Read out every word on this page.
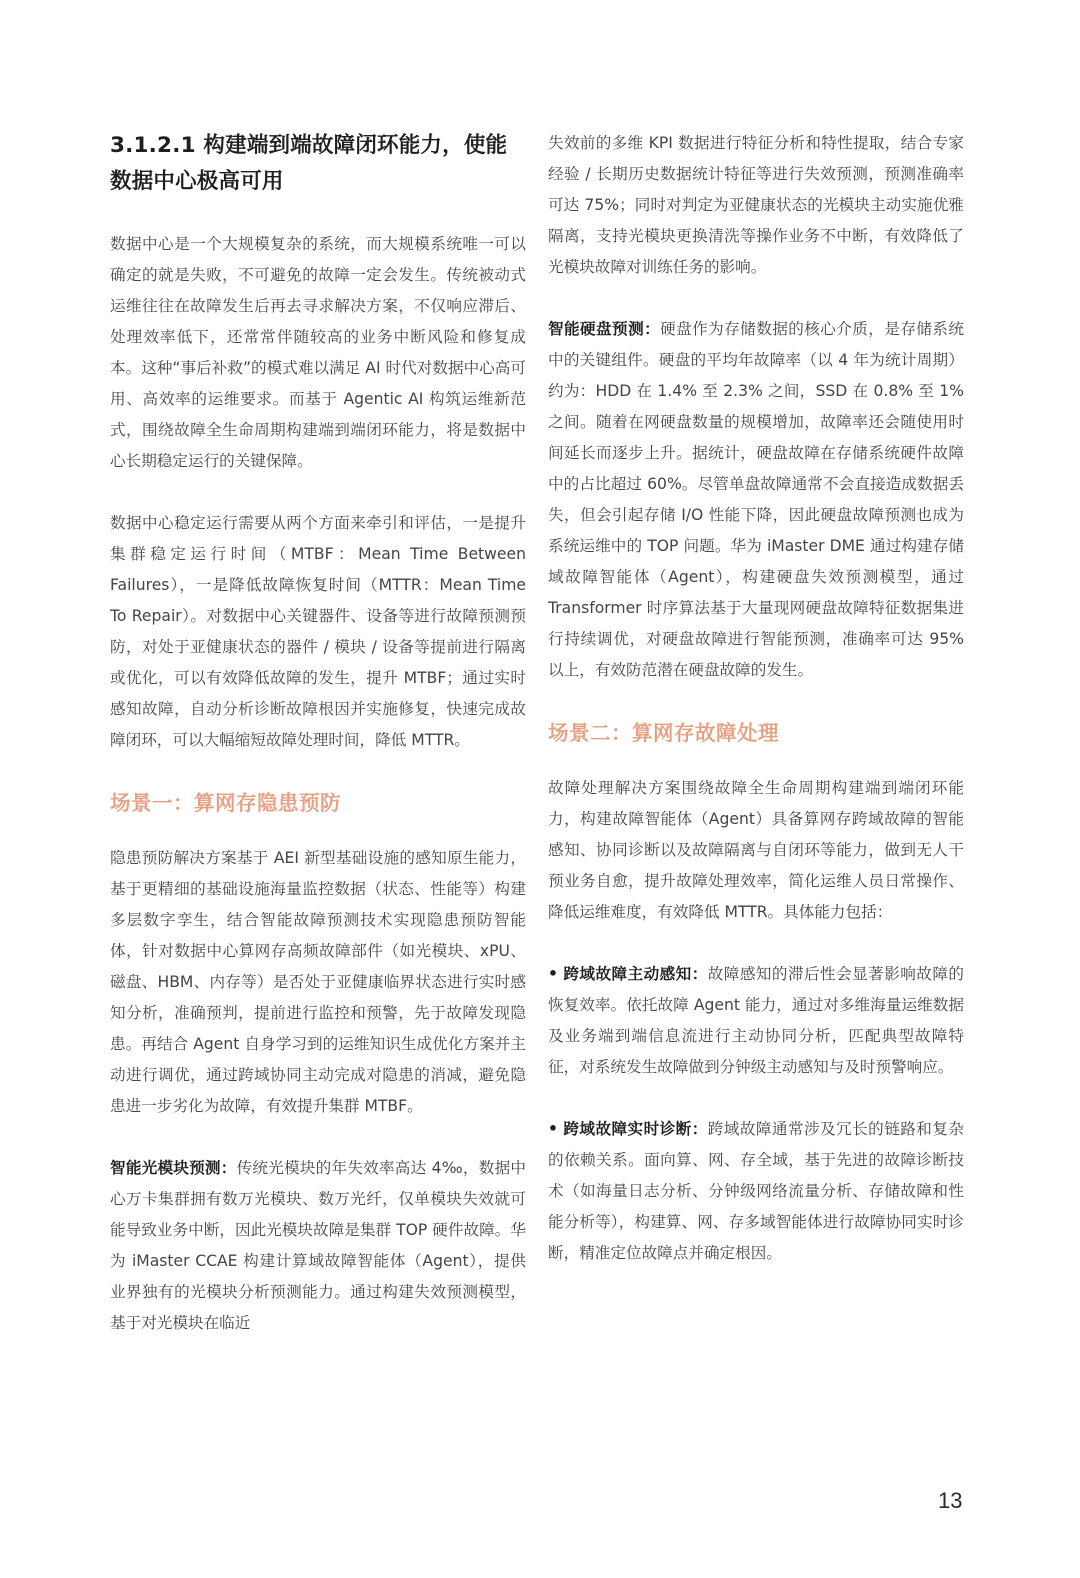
3.1.2.1 构建端到端故障闭环能力，使能数据中心极高可用

数据中心是一个大规模复杂的系统，而大规模系统唯一可以确定的就是失败，不可避免的故障一定会发生。传统被动式运维往往在故障发生后再去寻求解决方案，不仅响应滞后、处理效率低下，还常常伴随较高的业务中断风险和修复成本。这种“事后补救”的模式难以满足 AI 时代对数据中心高可用、高效率的运维要求。而基于 Agentic AI 构筑运维新范式，围绕故障全生命周期构建端到端闭环能力，将是数据中心长期稳定运行的关键保障。

数据中心稳定运行需要从两个方面来牵引和评估，一是提升集群稳定运行时间（MTBF：Mean Time Between Failures），一是降低故障恢复时间（MTTR：Mean Time To Repair）。对数据中心关键器件、设备等进行故障预测预防，对处于亚健康状态的器件 / 模块 / 设备等提前进行隔离或优化，可以有效降低故障的发生，提升 MTBF；通过实时感知故障，自动分析诊断故障根因并实施修复，快速完成故障闭环，可以大幅缩短故障处理时间，降低 MTTR。

场景一：算网存隐患预防

隐患预防解决方案基于 AEI 新型基础设施的感知原生能力，基于更精细的基础设施海量监控数据（状态、性能等）构建多层数字孪生，结合智能故障预测技术实现隐患预防智能体，针对数据中心算网存高频故障部件（如光模块、xPU、磁盘、HBM、内存等）是否处于亚健康临界状态进行实时感知分析，准确预判，提前进行监控和预警，先于故障发现隐患。再结合 Agent 自身学习到的运维知识生成优化方案并主动进行调优，通过跨域协同主动完成对隐患的消减，避免隐患进一步劣化为故障，有效提升集群 MTBF。

智能光模块预测：传统光模块的年失效率高达 4‰，数据中心万卡集群拥有数万光模块、数万光纤，仅单模块失效就可能导致业务中断，因此光模块故障是集群 TOP 硬件故障。华为 iMaster CCAE 构建计算域故障智能体（Agent），提供业界独有的光模块分析预测能力。通过构建失效预测模型，基于对光模块在临近

失效前的多维 KPI 数据进行特征分析和特性提取，结合专家经验 / 长期历史数据统计特征等进行失效预测，预测准确率可达 75%；同时对判定为亚健康状态的光模块主动实施优雅隔离，支持光模块更换清洗等操作业务不中断，有效降低了光模块故障对训练任务的影响。

智能硬盘预测：硬盘作为存储数据的核心介质，是存储系统中的关键组件。硬盘的平均年故障率（以 4 年为统计周期）约为：HDD 在 1.4% 至 2.3% 之间，SSD 在 0.8% 至 1% 之间。随着在网硬盘数量的规模增加，故障率还会随使用时间延长而逐步上升。据统计，硬盘故障在存储系统硬件故障中的占比超过 60%。尽管单盘故障通常不会直接造成数据丢失，但会引起存储 I/O 性能下降，因此硬盘故障预测也成为系统运维中的 TOP 问题。华为 iMaster DME 通过构建存储域故障智能体（Agent），构建硬盘失效预测模型，通过 Transformer 时序算法基于大量现网硬盘故障特征数据集进行持续调优，对硬盘故障进行智能预测，准确率可达 95% 以上，有效防范潜在硬盘故障的发生。

场景二：算网存故障处理

故障处理解决方案围绕故障全生命周期构建端到端闭环能力，构建故障智能体（Agent）具备算网存跨域故障的智能感知、协同诊断以及故障隔离与自闭环等能力，做到无人干预业务自愈，提升故障处理效率，简化运维人员日常操作、降低运维难度，有效降低 MTTR。具体能力包括：

• 跨域故障主动感知：故障感知的滞后性会显著影响故障的恢复效率。依托故障 Agent 能力，通过对多维海量运维数据及业务端到端信息流进行主动协同分析，匹配典型故障特征，对系统发生故障做到分钟级主动感知与及时预警响应。

• 跨域故障实时诊断：跨域故障通常涉及冗长的链路和复杂的依赖关系。面向算、网、存全域，基于先进的故障诊断技术（如海量日志分析、分钟级网络流量分析、存储故障和性能分析等），构建算、网、存多域智能体进行故障协同实时诊断，精准定位故障点并确定根因。

13
